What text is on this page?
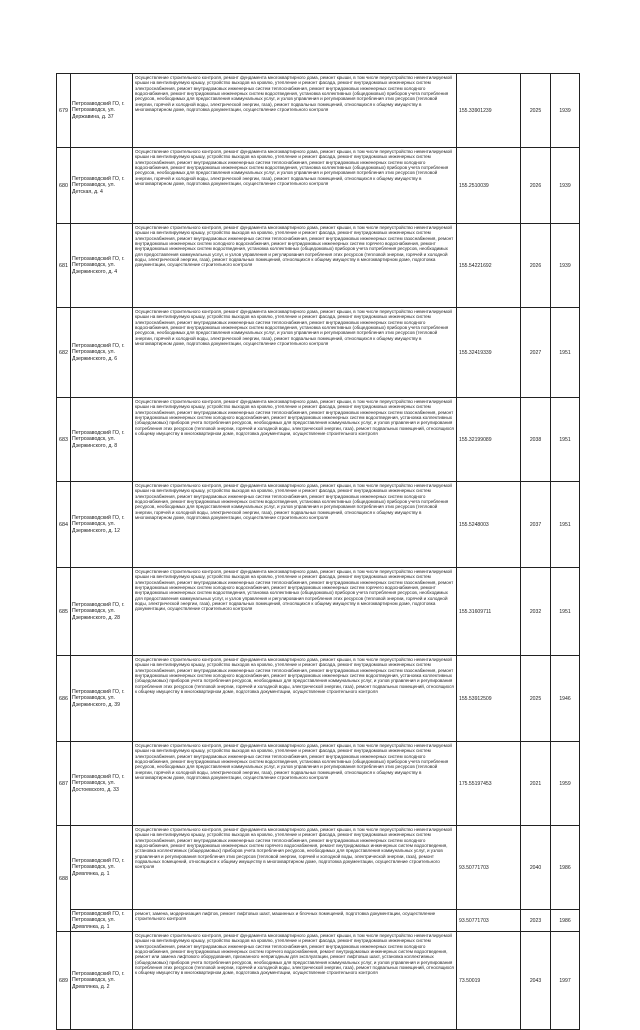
679	Петрозаводский ГО, г. Петрозаводск, ул. Державина, д. 37	Осуществление строительного контроля, ремонт фундамента многоквартирного дома, ремонт крыши, в том числе переустройство невентилируемой крыши на вентилируемую крышу, устройство выходов на кровлю, утепление и ремонт фасада, ремонт внутридомовых инженерных систем электроснабжения, ремонт внутридомовых инженерных систем теплоснабжения, ремонт внутридомовых инженерных систем холодного водоснабжения, ремонт внутридомовых инженерных систем водоотведения, установка коллективных (общедомовых) приборов учета потребления ресурсов, необходимых для предоставления коммунальных услуг, и узлов управления и регулирования потребления этих ресурсов (тепловой энергии, горячей и холодной воды, электрической энергии, газа), ремонт подвальных помещений, относящихся к общему имуществу в многоквартирном доме, подготовка документации, осуществление строительного контроля	155.33901239	2025	1939
680	Петрозаводский ГО, г. Петрозаводск, ул. Детская, д. 4	Осуществление строительного контроля, ремонт фундамента многоквартирного дома, ремонт крыши, в том числе переустройство невентилируемой крыши на вентилируемую крышу, устройство выходов на кровлю, утепление и ремонт фасада, ремонт внутридомовых инженерных систем электроснабжения, ремонт внутридомовых инженерных систем теплоснабжения, ремонт внутридомовых инженерных систем холодного водоснабжения, ремонт внутридомовых инженерных систем водоотведения, установка коллективных (общедомовых) приборов учета потребления ресурсов, необходимых для предоставления коммунальных услуг, и узлов управления и регулирования потребления этих ресурсов (тепловой энергии, горячей и холодной воды, электрической энергии, газа), ремонт подвальных помещений, относящихся к общему имуществу в многоквартирном доме, подготовка документации, осуществление строительного контроля	155.2510039	2026	1939
681	Петрозаводский ГО, г. Петрозаводск, ул. Дзержинского, д. 4	Осуществление строительного контроля, ремонт фундамента многоквартирного дома, ремонт крыши, в том числе переустройство невентилируемой крыши на вентилируемую крышу, устройство выходов на кровлю, утепление и ремонт фасада, ремонт внутридомовых инженерных систем электроснабжения, ремонт внутридомовых инженерных систем теплоснабжения, ремонт внутридомовых инженерных систем газоснабжения, ремонт внутридомовых инженерных систем холодного водоснабжения, ремонт внутридомовых инженерных систем горячего водоснабжения, ремонт внутридомовых инженерных систем водоотведения, установка коллективных (общедомовых) приборов учета потребления ресурсов, необходимых для предоставления коммунальных услуг, и узлов управления и регулирования потребления этих ресурсов (тепловой энергии, горячей и холодной воды, электрической энергии, газа), ремонт подвальных помещений, относящихся к общему имуществу в многоквартирном доме, подготовка документации, осуществление строительного контроля	155.54221692	2026	1939
682	Петрозаводский ГО, г. Петрозаводск, ул. Дзержинского, д. 6	Осуществление строительного контроля, ремонт фундамента многоквартирного дома, ремонт крыши, в том числе переустройство невентилируемой крыши на вентилируемую крышу, устройство выходов на кровлю, утепление и ремонт фасада, ремонт внутридомовых инженерных систем электроснабжения, ремонт внутридомовых инженерных систем теплоснабжения, ремонт внутридомовых инженерных систем холодного водоснабжения, ремонт внутридомовых инженерных систем водоотведения, установка коллективных (общедомовых) приборов учета потребления ресурсов, необходимых для предоставления коммунальных услуг, и узлов управления и регулирования потребления этих ресурсов (тепловой энергии, горячей и холодной воды, электрической энергии, газа), ремонт подвальных помещений, относящихся к общему имуществу в многоквартирном доме, подготовка документации, осуществление строительного контроля	155.32419339	2027	1951
683	Петрозаводский ГО, г. Петрозаводск, ул. Дзержинского, д. 8	Осуществление строительного контроля, ремонт фундамента многоквартирного дома, ремонт крыши, в том числе переустройство невентилируемой крыши на вентилируемую крышу, устройство выходов на кровлю, утепление и ремонт фасада, ремонт внутридомовых инженерных систем электроснабжения, ремонт внутридомовых инженерных систем теплоснабжения, ремонт внутридомовых инженерных систем газоснабжения, ремонт внутридомовых инженерных систем холодного водоснабжения, ремонт внутридомовых инженерных систем водоотведения, установка коллективных (общедомовых) приборов учета потребления ресурсов, необходимых для предоставления коммунальных услуг, и узлов управления и регулирования потребления этих ресурсов (тепловой энергии, горячей и холодной воды, электрической энергии, газа), ремонт подвальных помещений, относящихся к общему имуществу в многоквартирном доме, подготовка документации, осуществление строительного контроля	155.32199089	2038	1951
684	Петрозаводский ГО, г. Петрозаводск, ул. Дзержинского, д. 12	Осуществление строительного контроля, ремонт фундамента многоквартирного дома, ремонт крыши, в том числе переустройство невентилируемой крыши на вентилируемую крышу, устройство выходов на кровлю, утепление и ремонт фасада, ремонт внутридомовых инженерных систем электроснабжения, ремонт внутридомовых инженерных систем теплоснабжения, ремонт внутридомовых инженерных систем холодного водоснабжения, ремонт внутридомовых инженерных систем водоотведения, установка коллективных (общедомовых) приборов учета потребления ресурсов, необходимых для предоставления коммунальных услуг, и узлов управления и регулирования потребления этих ресурсов (тепловой энергии, горячей и холодной воды, электрической энергии, газа), ремонт подвальных помещений, относящихся к общему имуществу в многоквартирном доме, подготовка документации, осуществление строительного контроля	155.5248003	2037	1951
685	Петрозаводский ГО, г. Петрозаводск, ул. Дзержинского, д. 28	Осуществление строительного контроля, ремонт фундамента многоквартирного дома, ремонт крыши, в том числе переустройство невентилируемой крыши на вентилируемую крышу, устройство выходов на кровлю, утепление и ремонт фасада, ремонт внутридомовых инженерных систем электроснабжения, ремонт внутридомовых инженерных систем теплоснабжения, ремонт внутридомовых инженерных систем газоснабжения, ремонт внутридомовых инженерных систем холодного водоснабжения, ремонт внутридомовых инженерных систем горячего водоснабжения, ремонт внутридомовых инженерных систем водоотведения, установка коллективных (общедомовых) приборов учета потребления ресурсов, необходимых для предоставления коммунальных услуг, и узлов управления и регулирования потребления этих ресурсов (тепловой энергии, горячей и холодной воды, электрической энергии, газа), ремонт подвальных помещений, относящихся к общему имуществу в многоквартирном доме, подготовка документации, осуществление строительного контроля	155.31609711	2032	1951
686	Петрозаводский ГО, г. Петрозаводск, ул. Дзержинского, д. 39	Осуществление строительного контроля, ремонт фундамента многоквартирного дома, ремонт крыши, в том числе переустройство невентилируемой крыши на вентилируемую крышу, устройство выходов на кровлю, утепление и ремонт фасада, ремонт внутридомовых инженерных систем электроснабжения, ремонт внутридомовых инженерных систем теплоснабжения, ремонт внутридомовых инженерных систем газоснабжения, ремонт внутридомовых инженерных систем холодного водоснабжения, ремонт внутридомовых инженерных систем водоотведения, установка коллективных (общедомовых) приборов учета потребления ресурсов, необходимых для предоставления коммунальных услуг, и узлов управления и регулирования потребления этих ресурсов (тепловой энергии, горячей и холодной воды, электрической энергии, газа), ремонт подвальных помещений, относящихся к общему имуществу в многоквартирном доме, подготовка документации, осуществление строительного контроля	155.53912509	2025	1946
687	Петрозаводский ГО, г. Петрозаводск, ул. Достоевского, д. 33	Осуществление строительного контроля, ремонт фундамента многоквартирного дома, ремонт крыши, в том числе переустройство невентилируемой крыши на вентилируемую крышу, устройство выходов на кровлю, утепление и ремонт фасада, ремонт внутридомовых инженерных систем электроснабжения, ремонт внутридомовых инженерных систем теплоснабжения, ремонт внутридомовых инженерных систем холодного водоснабжения, ремонт внутридомовых инженерных систем водоотведения, установка коллективных (общедомовых) приборов учета потребления ресурсов, необходимых для предоставления коммунальных услуг, и узлов управления и регулирования потребления этих ресурсов (тепловой энергии, горячей и холодной воды, электрической энергии, газа), ремонт подвальных помещений, относящихся к общему имуществу в многоквартирном доме, подготовка документации, осуществление строительного контроля	175.55197453	2021	1959
688	Петрозаводский ГО, г. Петрозаводск, ул. Древлянка, д. 1	Осуществление строительного контроля, ремонт фундамента многоквартирного дома, ремонт крыши, в том числе переустройство невентилируемой крыши на вентилируемую крышу, устройство выходов на кровлю, утепление и ремонт фасада, ремонт внутридомовых инженерных систем электроснабжения, ремонт внутридомовых инженерных систем теплоснабжения, ремонт внутридомовых инженерных систем холодного водоснабжения, ремонт внутридомовых инженерных систем горячего водоснабжения, ремонт внутридомовых инженерных систем водоотведения, установка коллективных (общедомовых) приборов учета потребления ресурсов, необходимых для предоставления коммунальных услуг, и узлов управления и регулирования потребления этих ресурсов (тепловой энергии, горячей и холодной воды, электрической энергии, газа), ремонт подвальных помещений, относящихся к общему имуществу в многоквартирном доме, подготовка документации, осуществление строительного контроля	93.50771703	2040	1986
	Петрозаводский ГО, г. Петрозаводск, ул. Древлянка, д. 1	ремонт, замена, модернизация лифтов, ремонт лифтовых шахт, машинных и блочных помещений, подготовка документации, осуществление строительного контроля	93.50771703	2023	1986
689	Петрозаводский ГО, г. Петрозаводск, ул. Древлянка, д. 2	Осуществление строительного контроля, ремонт фундамента многоквартирного дома, ремонт крыши, в том числе переустройство невентилируемой крыши на вентилируемую крышу, устройство выходов на кровлю, утепление и ремонт фасада, ремонт внутридомовых инженерных систем электроснабжения, ремонт внутридомовых инженерных систем теплоснабжения, ремонт внутридомовых инженерных систем холодного водоснабжения, ремонт внутридомовых инженерных систем горячего водоснабжения, ремонт внутридомовых инженерных систем водоотведения, ремонт или замена лифтового оборудования, признанного непригодным для эксплуатации, ремонт лифтовых шахт, установка коллективных (общедомовых) приборов учета потребления ресурсов, необходимых для предоставления коммунальных услуг, и узлов управления и регулирования потребления этих ресурсов (тепловой энергии, горячей и холодной воды, электрической энергии, газа), ремонт подвальных помещений, относящихся к общему имуществу в многоквартирном доме, подготовка документации, осуществление строительного контроля	73.50019	2043	1997
